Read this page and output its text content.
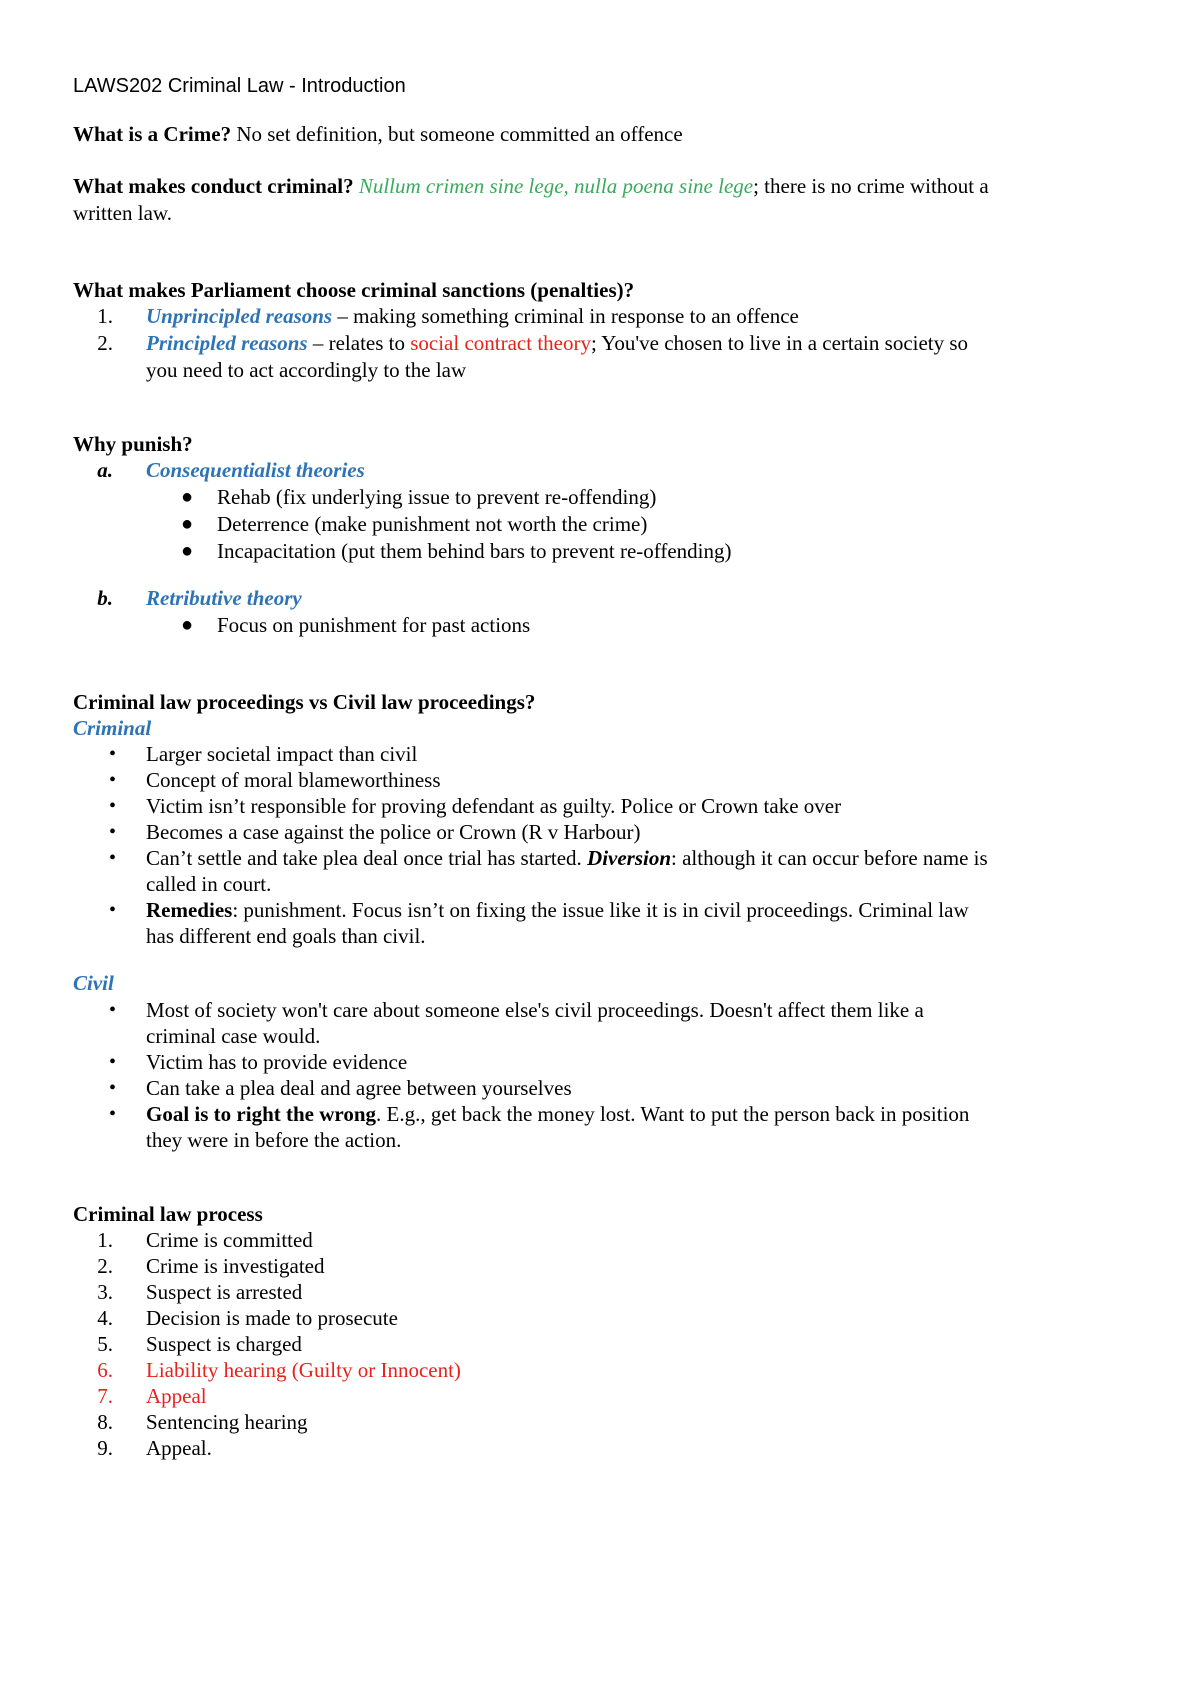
LAWS202 Criminal Law - Introduction
What is a Crime? No set definition, but someone committed an offence
What makes conduct criminal? Nullum crimen sine lege, nulla poena sine lege; there is no crime without a
written law.
What makes Parliament choose criminal sanctions (penalties)?
1. Unprincipled reasons – making something criminal in response to an offence
2. Principled reasons – relates to social contract theory; You've chosen to live in a certain society so
you need to act accordingly to the law
Why punish?
a. Consequentialist theories
● Rehab (fix underlying issue to prevent re-offending)
● Deterrence (make punishment not worth the crime)
● Incapacitation (put them behind bars to prevent re-offending)
b. Retributive theory
● Focus on punishment for past actions
Criminal law proceedings vs Civil law proceedings?
Criminal
• Larger societal impact than civil
• Concept of moral blameworthiness
• Victim isn’t responsible for proving defendant as guilty. Police or Crown take over
• Becomes a case against the police or Crown (R v Harbour)
• Can’t settle and take plea deal once trial has started. Diversion: although it can occur before name is
called in court.
• Remedies: punishment. Focus isn’t on fixing the issue like it is in civil proceedings. Criminal law
has different end goals than civil.
Civil
• Most of society won't care about someone else's civil proceedings. Doesn't affect them like a
criminal case would.
• Victim has to provide evidence
• Can take a plea deal and agree between yourselves
• Goal is to right the wrong. E.g., get back the money lost. Want to put the person back in position
they were in before the action.
Criminal law process
1. Crime is committed
2. Crime is investigated
3. Suspect is arrested
4. Decision is made to prosecute
5. Suspect is charged
6. Liability hearing (Guilty or Innocent)
7. Appeal
8. Sentencing hearing
9. Appeal.
